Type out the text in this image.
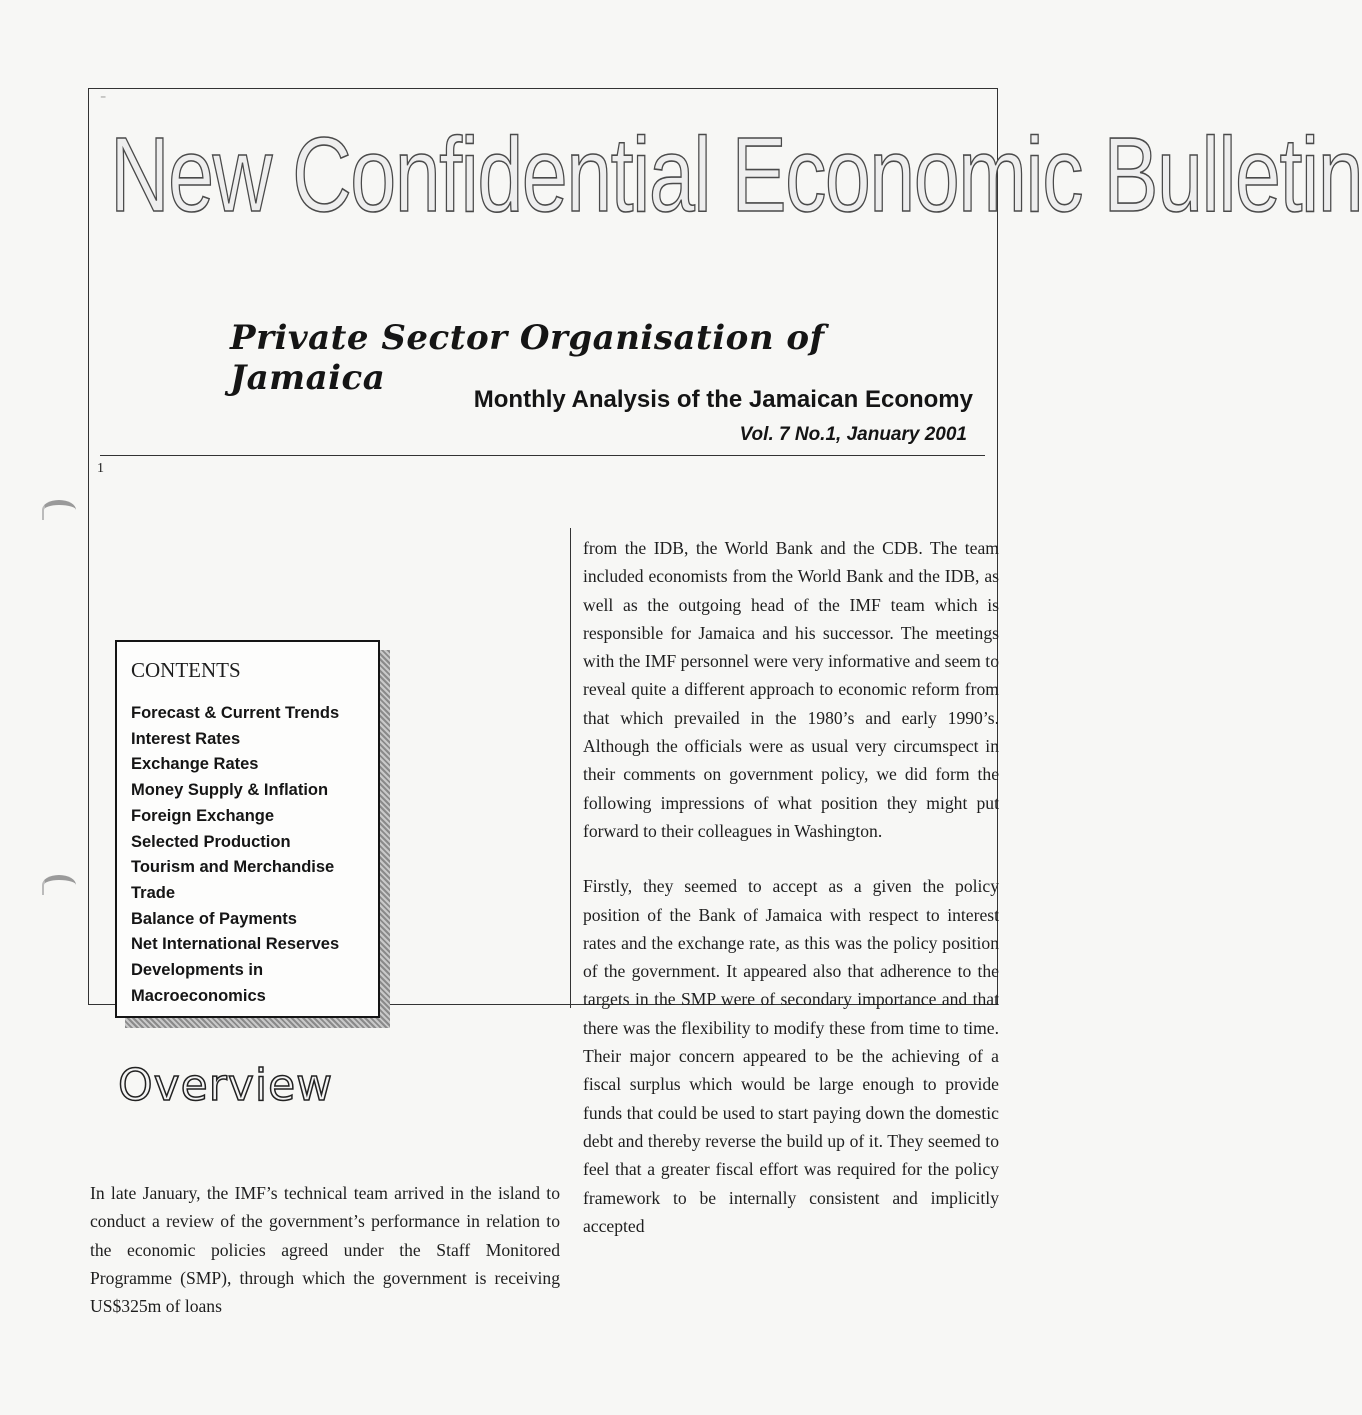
⁻
New Confidential Economic Bulletin
Private Sector Organisation of Jamaica
Monthly Analysis of the Jamaican Economy
Vol. 7 No.1, January 2001
1
CONTENTS
Forecast & Current Trends
Interest Rates
Exchange Rates
Money Supply & Inflation
Foreign Exchange
Selected Production
Tourism and Merchandise
Trade
Balance of Payments
Net International Reserves
Developments in
Macroeconomics
Overview

In late January, the IMF’s technical team arrived in the island to conduct a review of the government’s performance in relation to the economic policies agreed under the Staff Monitored Programme (SMP), through which the government is receiving US$325m of loans

from the IDB, the World Bank and the CDB. The team included economists from the World Bank and the IDB, as well as the outgoing head of the IMF team which is responsible for Jamaica and his successor. The meetings with the IMF personnel were very informative and seem to reveal quite a different approach to economic reform from that which prevailed in the 1980’s and early 1990’s. Although the officials were as usual very circumspect in their comments on government policy, we did form the following impressions of what position they might put forward to their colleagues in Washington.

Firstly, they seemed to accept as a given the policy position of the Bank of Jamaica with respect to interest rates and the exchange rate, as this was the policy position of the government. It appeared also that adherence to the targets in the SMP were of secondary importance and that there was the flexibility to modify these from time to time. Their major concern appeared to be the achieving of a fiscal surplus which would be large enough to provide funds that could be used to start paying down the domestic debt and thereby reverse the build up of it. They seemed to feel that a greater fiscal effort was required for the policy framework to be internally consistent and implicitly accepted
